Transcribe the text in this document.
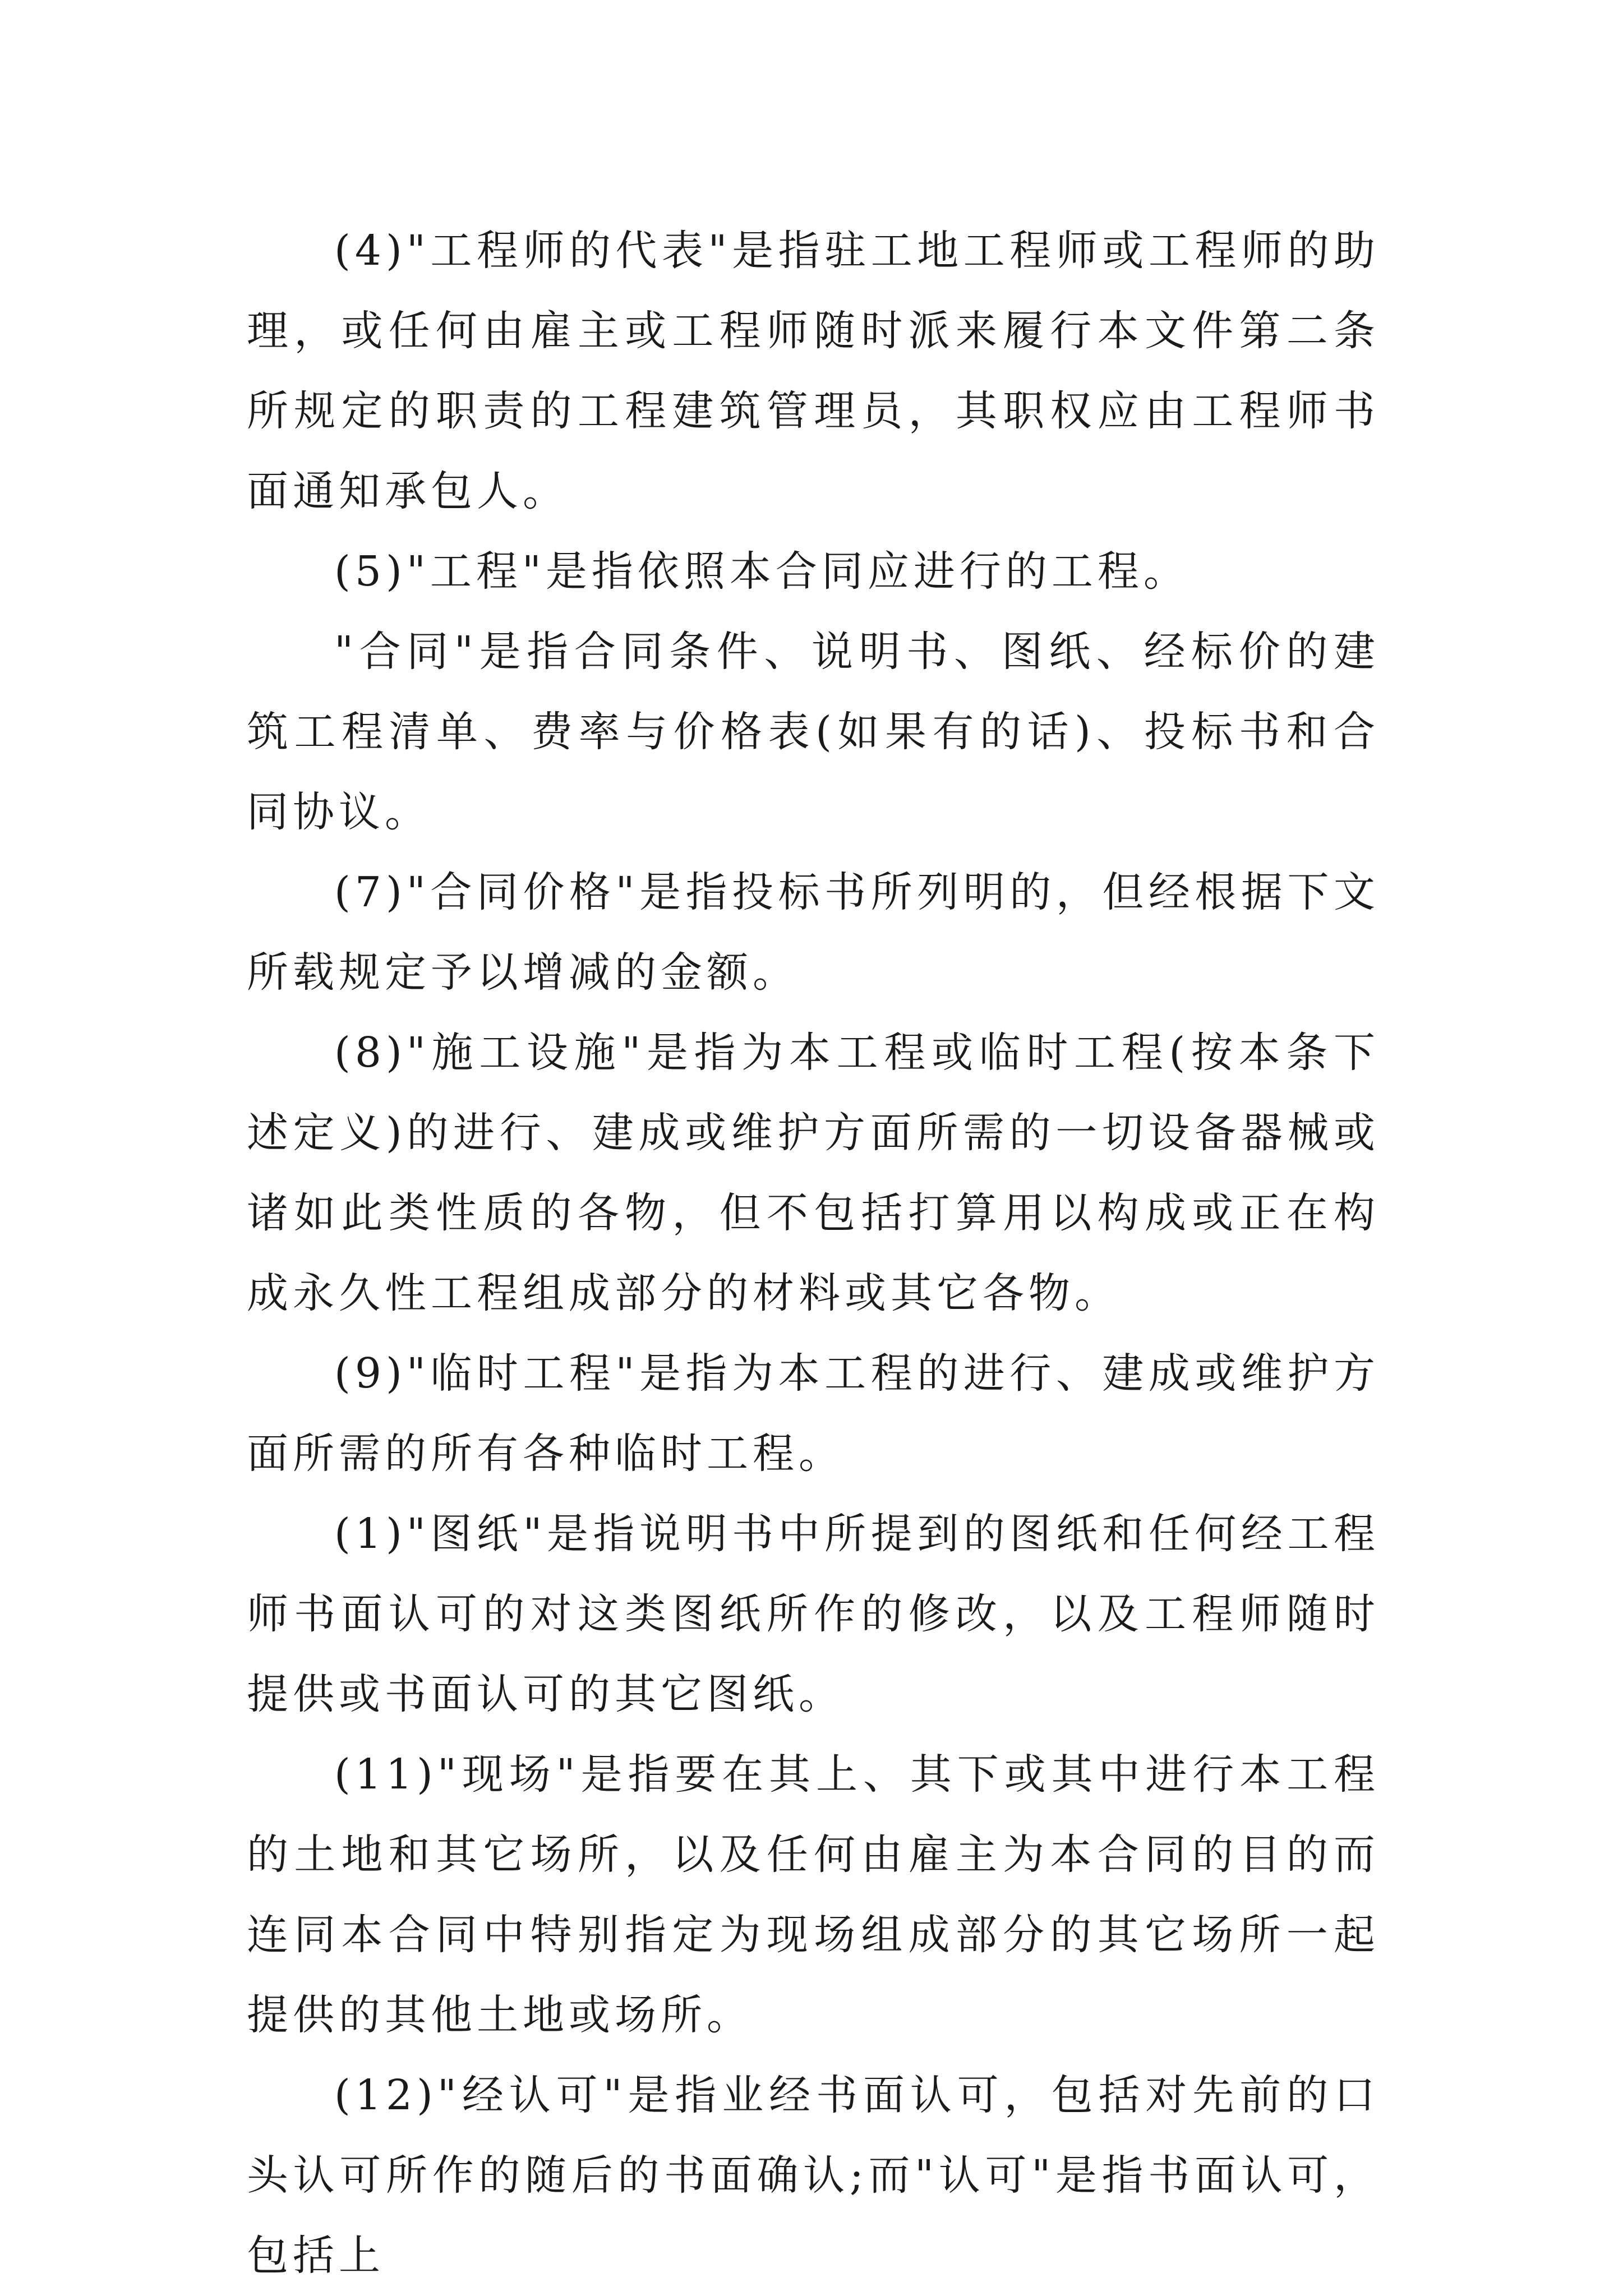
(4)"工程师的代表"是指驻工地工程师或工程师的助理，或任何由雇主或工程师随时派来履行本文件第二条所规定的职责的工程建筑管理员，其职权应由工程师书面通知承包人。

(5)"工程"是指依照本合同应进行的工程。

"合同"是指合同条件、说明书、图纸、经标价的建筑工程清单、费率与价格表(如果有的话)、投标书和合同协议。

(7)"合同价格"是指投标书所列明的，但经根据下文所载规定予以增减的金额。

(8)"施工设施"是指为本工程或临时工程(按本条下述定义)的进行、建成或维护方面所需的一切设备器械或诸如此类性质的各物，但不包括打算用以构成或正在构成永久性工程组成部分的材料或其它各物。

(9)"临时工程"是指为本工程的进行、建成或维护方面所需的所有各种临时工程。

(1)"图纸"是指说明书中所提到的图纸和任何经工程师书面认可的对这类图纸所作的修改，以及工程师随时提供或书面认可的其它图纸。

(11)"现场"是指要在其上、其下或其中进行本工程的土地和其它场所，以及任何由雇主为本合同的目的而连同本合同中特别指定为现场组成部分的其它场所一起提供的其他土地或场所。

(12)"经认可"是指业经书面认可，包括对先前的口头认可所作的随后的书面确认;而"认可"是指书面认可，包括上
